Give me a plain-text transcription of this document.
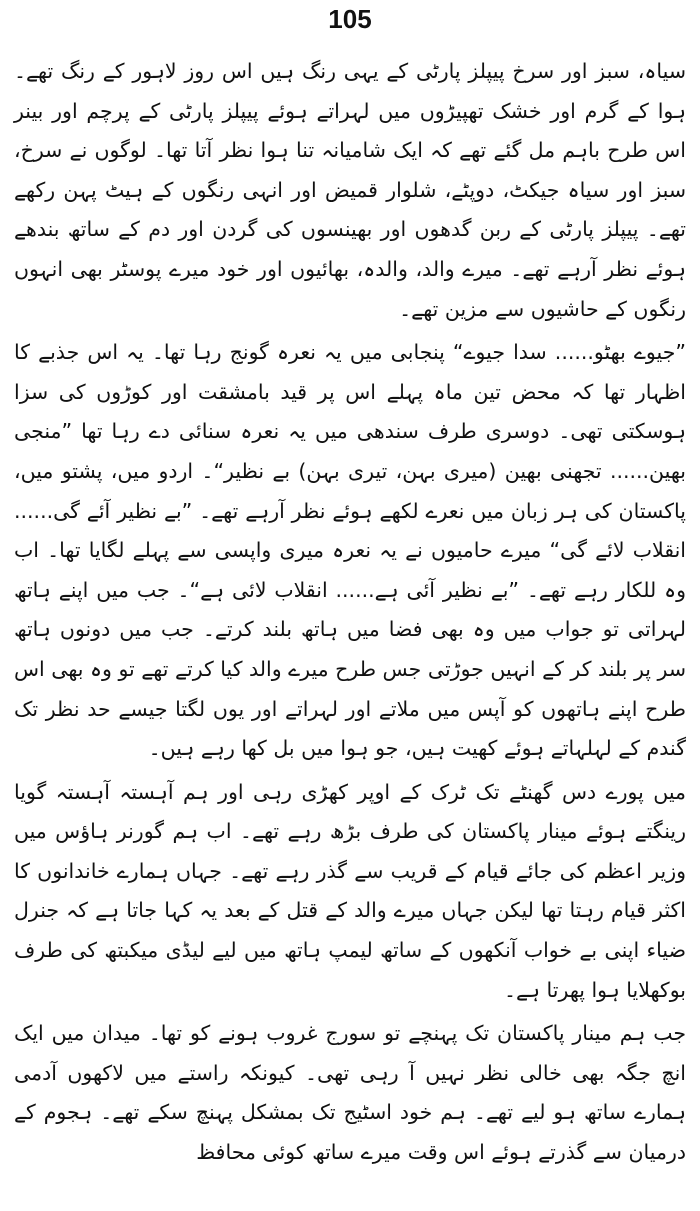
105

سیاہ، سبز اور سرخ پیپلز پارٹی کے یہی رنگ ہیں اس روز لاہور کے رنگ تھے۔ ہوا کے گرم اور خشک تھپیڑوں میں لہراتے ہوئے پیپلز پارٹی کے پرچم اور بینر اس طرح باہم مل گئے تھے کہ ایک شامیانہ تنا ہوا نظر آتا تھا۔ لوگوں نے سرخ، سبز اور سیاہ جیکٹ، دوپٹے، شلوار قمیض اور انہی رنگوں کے ہیٹ پہن رکھے تھے۔ پیپلز پارٹی کے ربن گدھوں اور بھینسوں کی گردن اور دم کے ساتھ بندھے ہوئے نظر آرہے تھے۔ میرے والد، والدہ، بھائیوں اور خود میرے پوسٹر بھی انہوں رنگوں کے حاشیوں سے مزین تھے۔

”جیوے بھٹو...... سدا جیوے“ پنجابی میں یہ نعرہ گونج رہا تھا۔ یہ اس جذبے کا اظہار تھا کہ محض تین ماہ پہلے اس پر قید بامشقت اور کوڑوں کی سزا ہوسکتی تھی۔ دوسری طرف سندھی میں یہ نعرہ سنائی دے رہا تھا ”منجی بھین...... تجھنی بھین (میری بہن، تیری بہن) بے نظیر“۔ اردو میں، پشتو میں، پاکستان کی ہر زبان میں نعرے لکھے ہوئے نظر آرہے تھے۔ ”بے نظیر آئے گی...... انقلاب لائے گی“ میرے حامیوں نے یہ نعرہ میری واپسی سے پہلے لگایا تھا۔ اب وہ للکار رہے تھے۔ ”بے نظیر آئی ہے...... انقلاب لائی ہے“۔ جب میں اپنے ہاتھ لہراتی تو جواب میں وہ بھی فضا میں ہاتھ بلند کرتے۔ جب میں دونوں ہاتھ سر پر بلند کر کے انہیں جوڑتی جس طرح میرے والد کیا کرتے تھے تو وہ بھی اس طرح اپنے ہاتھوں کو آپس میں ملاتے اور لہراتے اور یوں لگتا جیسے حد نظر تک گندم کے لہلہاتے ہوئے کھیت ہیں، جو ہوا میں بل کھا رہے ہیں۔

میں پورے دس گھنٹے تک ٹرک کے اوپر کھڑی رہی اور ہم آہستہ آہستہ گویا رینگتے ہوئے مینار پاکستان کی طرف بڑھ رہے تھے۔ اب ہم گورنر ہاؤس میں وزیر اعظم کی جائے قیام کے قریب سے گذر رہے تھے۔ جہاں ہمارے خاندانوں کا اکثر قیام رہتا تھا لیکن جہاں میرے والد کے قتل کے بعد یہ کہا جاتا ہے کہ جنرل ضیاء اپنی بے خواب آنکھوں کے ساتھ لیمپ ہاتھ میں لیے لیڈی میکبتھ کی طرف بوکھلایا ہوا پھرتا ہے۔

جب ہم مینار پاکستان تک پہنچے تو سورج غروب ہونے کو تھا۔ میدان میں ایک انچ جگہ بھی خالی نظر نہیں آ رہی تھی۔ کیونکہ راستے میں لاکھوں آدمی ہمارے ساتھ ہو لیے تھے۔ ہم خود اسٹیج تک بمشکل پہنچ سکے تھے۔ ہجوم کے درمیان سے گذرتے ہوئے اس وقت میرے ساتھ کوئی محافظ
